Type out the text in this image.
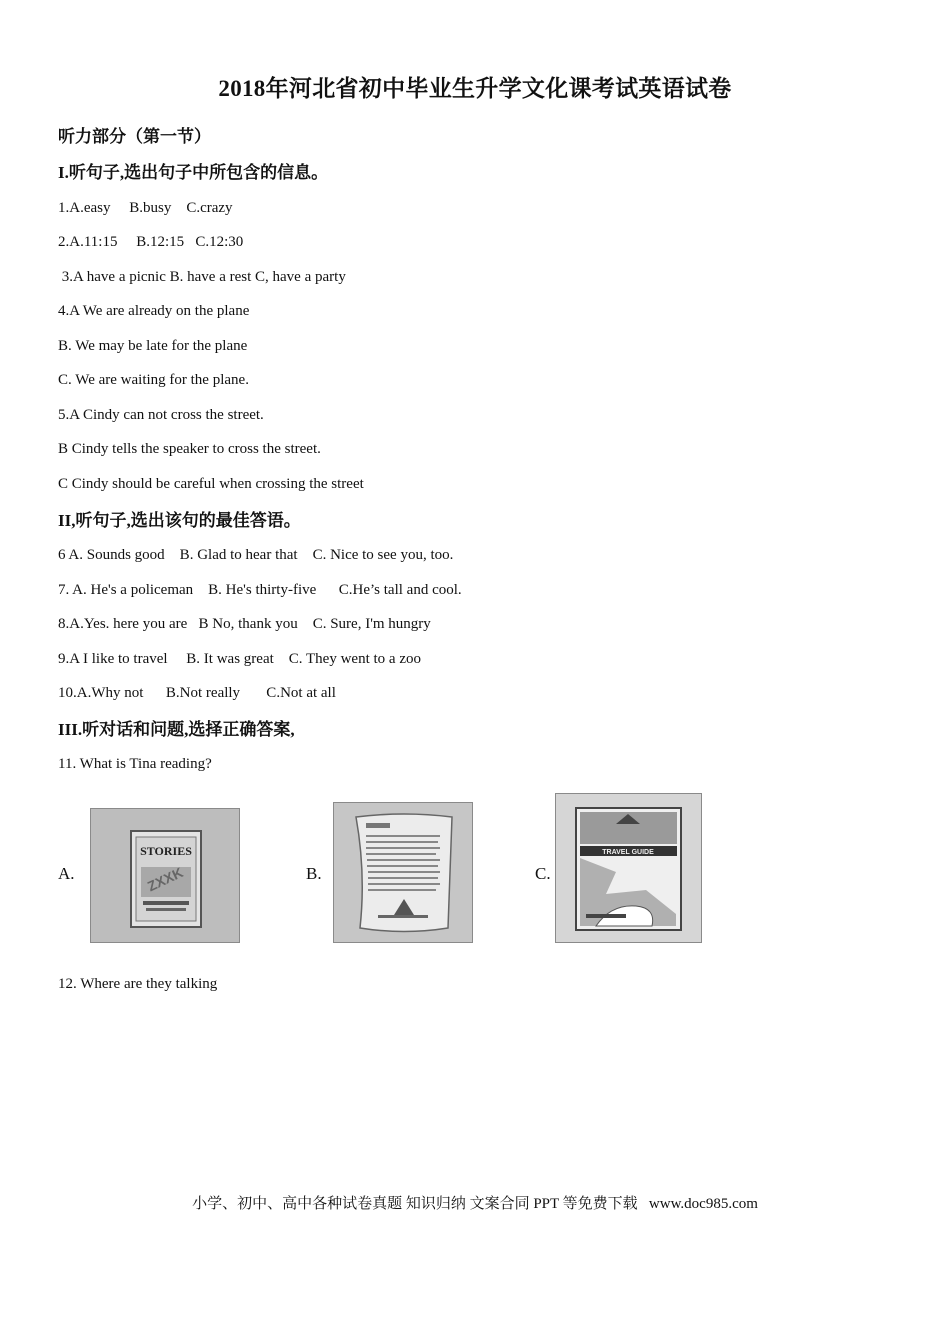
2018年河北省初中毕业生升学文化课考试英语试卷
听力部分（第一节）
I.听句子,选出句子中所包含的信息。
1.A.easy     B.busy    C.crazy
2.A.11:15     B.12:15   C.12:30
3.A have a picnic B. have a rest C, have a party
4.A We are already on the plane
B. We may be late for the plane
C. We are waiting for the plane.
5.A Cindy can not cross the street.
B Cindy tells the speaker to cross the street.
C Cindy should be careful when crossing the street
II,听句子,选出该句的最佳答语。
6 A. Sounds good    B. Glad to hear that    C. Nice to see you, too.
7. A. He's a policeman    B. He's thirty-five      C.He’s tall and cool.
8.A.Yes. here you are   B No, thank you    C. Sure, I'm hungry
9.A I like to travel     B. It was great    C. They went to a zoo
10.A.Why not      B.Not really       C.Not at all
III.听对话和问题,选择正确答案,
11. What is Tina reading?
A.
STORIES
ZXXK	B.	C.
TRAVEL GUIDE
12. Where are they talking
小学、初中、高中各种试卷真题 知识归纳 文案合同 PPT 等免费下载   www.doc985.com
